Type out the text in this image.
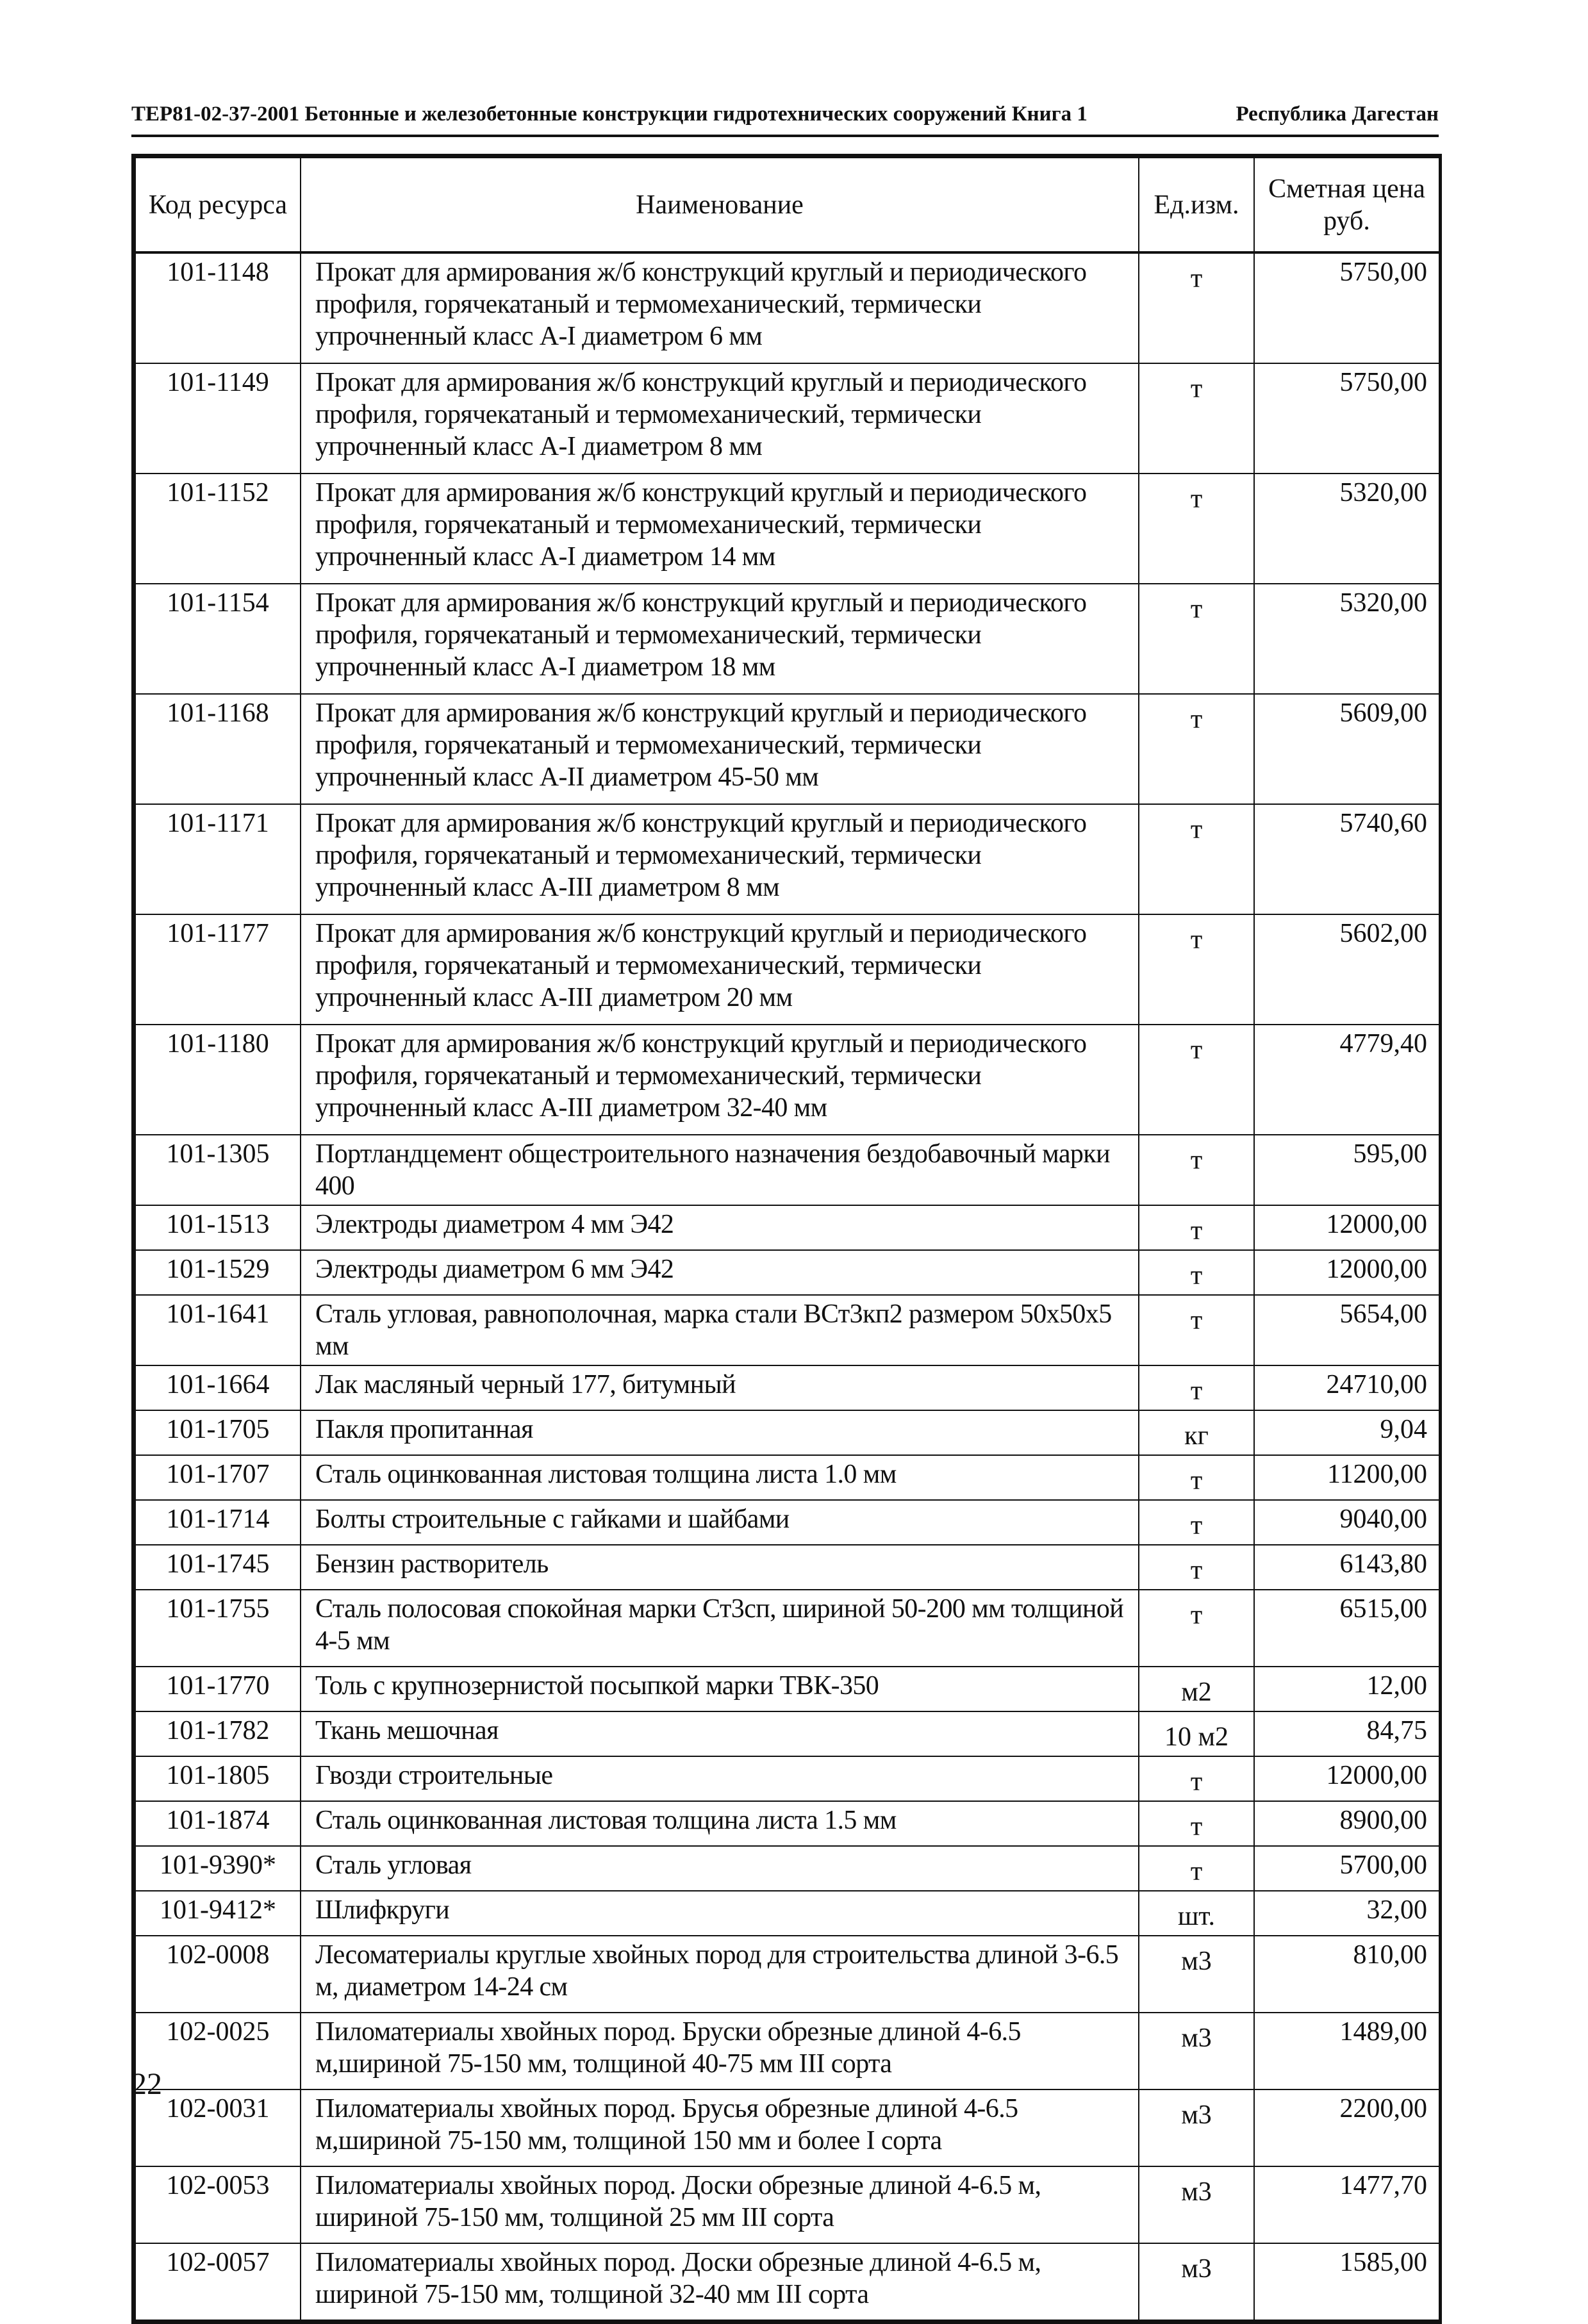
ТЕР81-02-37-2001 Бетонные и железобетонные конструкции гидротехнических сооружений Книга 1	Республика Дагестан
Код ресурса	Наименование	Ед.изм.	Сметная цена
руб.

101-1148	Прокат для армирования ж/б конструкций круглый и периодического профиля, горячекатаный и термомеханический, термически упрочненный класс А-I диаметром 6 мм	т	5750,00
101-1149	Прокат для армирования ж/б конструкций круглый и периодического профиля, горячекатаный и термомеханический, термически упрочненный класс А-I диаметром 8 мм	т	5750,00
101-1152	Прокат для армирования ж/б конструкций круглый и периодического профиля, горячекатаный и термомеханический, термически упрочненный класс А-I диаметром 14 мм	т	5320,00
101-1154	Прокат для армирования ж/б конструкций круглый и периодического профиля, горячекатаный и термомеханический, термически упрочненный класс А-I диаметром 18 мм	т	5320,00
101-1168	Прокат для армирования ж/б конструкций круглый и периодического профиля, горячекатаный и термомеханический, термически упрочненный класс А-II диаметром 45-50 мм	т	5609,00
101-1171	Прокат для армирования ж/б конструкций круглый и периодического профиля, горячекатаный и термомеханический, термически упрочненный класс А-III диаметром 8 мм	т	5740,60
101-1177	Прокат для армирования ж/б конструкций круглый и периодического профиля, горячекатаный и термомеханический, термически упрочненный класс А-III диаметром 20 мм	т	5602,00
101-1180	Прокат для армирования ж/б конструкций круглый и периодического профиля, горячекатаный и термомеханический, термически упрочненный класс А-III диаметром 32-40 мм	т	4779,40
101-1305	Портландцемент общестроительного назначения бездобавочный марки 400	т	595,00
101-1513	Электроды диаметром 4 мм Э42	т	12000,00
101-1529	Электроды диаметром 6 мм Э42	т	12000,00
101-1641	Сталь угловая, равнополочная, марка стали ВСт3кп2 размером 50х50х5 мм	т	5654,00
101-1664	Лак масляный черный 177, битумный	т	24710,00
101-1705	Пакля пропитанная	кг	9,04
101-1707	Сталь оцинкованная листовая толщина листа 1.0 мм	т	11200,00
101-1714	Болты строительные с гайками и шайбами	т	9040,00
101-1745	Бензин растворитель	т	6143,80
101-1755	Сталь полосовая спокойная марки Ст3сп, шириной 50-200 мм толщиной 4-5 мм	т	6515,00
101-1770	Толь с крупнозернистой посыпкой марки ТВК-350	м2	12,00
101-1782	Ткань мешочная	10 м2	84,75
101-1805	Гвозди строительные	т	12000,00
101-1874	Сталь оцинкованная листовая толщина листа 1.5 мм	т	8900,00
101-9390*	Сталь угловая	т	5700,00
101-9412*	Шлифкруги	шт.	32,00
102-0008	Лесоматериалы круглые хвойных пород для строительства длиной 3-6.5 м, диаметром 14-24 см	м3	810,00
102-0025	Пиломатериалы хвойных пород. Бруски обрезные длиной 4-6.5 м,шириной 75-150 мм, толщиной 40-75 мм III сорта	м3	1489,00
102-0031	Пиломатериалы хвойных пород. Брусья обрезные длиной 4-6.5 м,шириной 75-150 мм, толщиной 150 мм и более I сорта	м3	2200,00
102-0053	Пиломатериалы хвойных пород. Доски обрезные длиной 4-6.5 м, шириной 75-150 мм, толщиной 25 мм III сорта	м3	1477,70
102-0057	Пиломатериалы хвойных пород. Доски обрезные длиной 4-6.5 м, шириной 75-150 мм, толщиной 32-40 мм III сорта	м3	1585,00
22
